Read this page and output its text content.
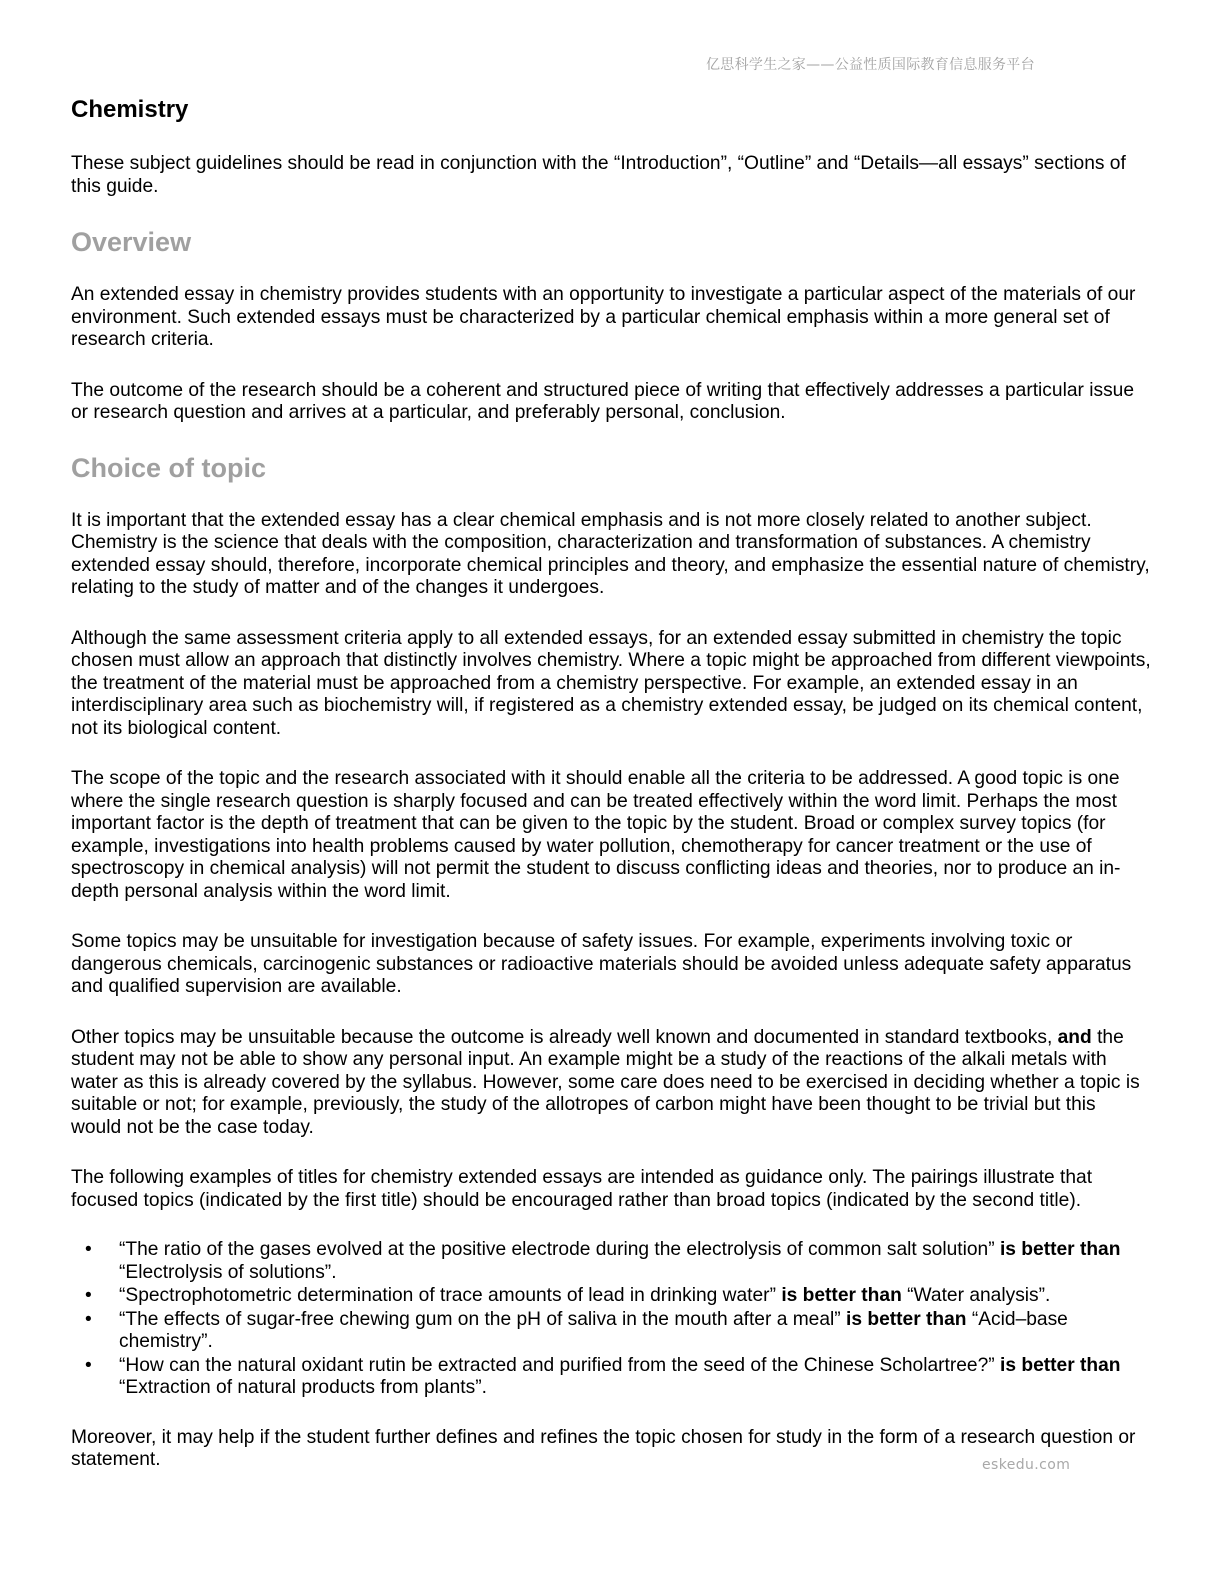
亿思科学生之家——公益性质国际教育信息服务平台
Chemistry

These subject guidelines should be read in conjunction with the “Introduction”, “Outline” and “Details—all essays” sections of this guide.

Overview

An extended essay in chemistry provides students with an opportunity to investigate a particular aspect of the materials of our environment. Such extended essays must be characterized by a particular chemical emphasis within a more general set of research criteria.

The outcome of the research should be a coherent and structured piece of writing that effectively addresses a particular issue or research question and arrives at a particular, and preferably personal, conclusion.

Choice of topic

It is important that the extended essay has a clear chemical emphasis and is not more closely related to another subject. Chemistry is the science that deals with the composition, characterization and transformation of substances. A chemistry extended essay should, therefore, incorporate chemical principles and theory, and emphasize the essential nature of chemistry, relating to the study of matter and of the changes it undergoes.

Although the same assessment criteria apply to all extended essays, for an extended essay submitted in chemistry the topic chosen must allow an approach that distinctly involves chemistry. Where a topic might be approached from different viewpoints, the treatment of the material must be approached from a chemistry perspective. For example, an extended essay in an interdisciplinary area such as biochemistry will, if registered as a chemistry extended essay, be judged on its chemical content, not its biological content.

The scope of the topic and the research associated with it should enable all the criteria to be addressed. A good topic is one where the single research question is sharply focused and can be treated effectively within the word limit. Perhaps the most important factor is the depth of treatment that can be given to the topic by the student. Broad or complex survey topics (for example, investigations into health problems caused by water pollution, chemotherapy for cancer treatment or the use of spectroscopy in chemical analysis) will not permit the student to discuss conflicting ideas and theories, nor to produce an in-depth personal analysis within the word limit.

Some topics may be unsuitable for investigation because of safety issues. For example, experiments involving toxic or dangerous chemicals, carcinogenic substances or radioactive materials should be avoided unless adequate safety apparatus and qualified supervision are available.

Other topics may be unsuitable because the outcome is already well known and documented in standard textbooks, and the student may not be able to show any personal input. An example might be a study of the reactions of the alkali metals with water as this is already covered by the syllabus. However, some care does need to be exercised in deciding whether a topic is suitable or not; for example, previously, the study of the allotropes of carbon might have been thought to be trivial but this would not be the case today.

The following examples of titles for chemistry extended essays are intended as guidance only. The pairings illustrate that focused topics (indicated by the first title) should be encouraged rather than broad topics (indicated by the second title).

• “The ratio of the gases evolved at the positive electrode during the electrolysis of common salt solution” is better than “Electrolysis of solutions”.
• “Spectrophotometric determination of trace amounts of lead in drinking water” is better than “Water analysis”.
• “The effects of sugar-free chewing gum on the pH of saliva in the mouth after a meal” is better than “Acid–base chemistry”.
• “How can the natural oxidant rutin be extracted and purified from the seed of the Chinese Scholartree?” is better than “Extraction of natural products from plants”.

Moreover, it may help if the student further defines and refines the topic chosen for study in the form of a research question or statement.	eskedu.com
